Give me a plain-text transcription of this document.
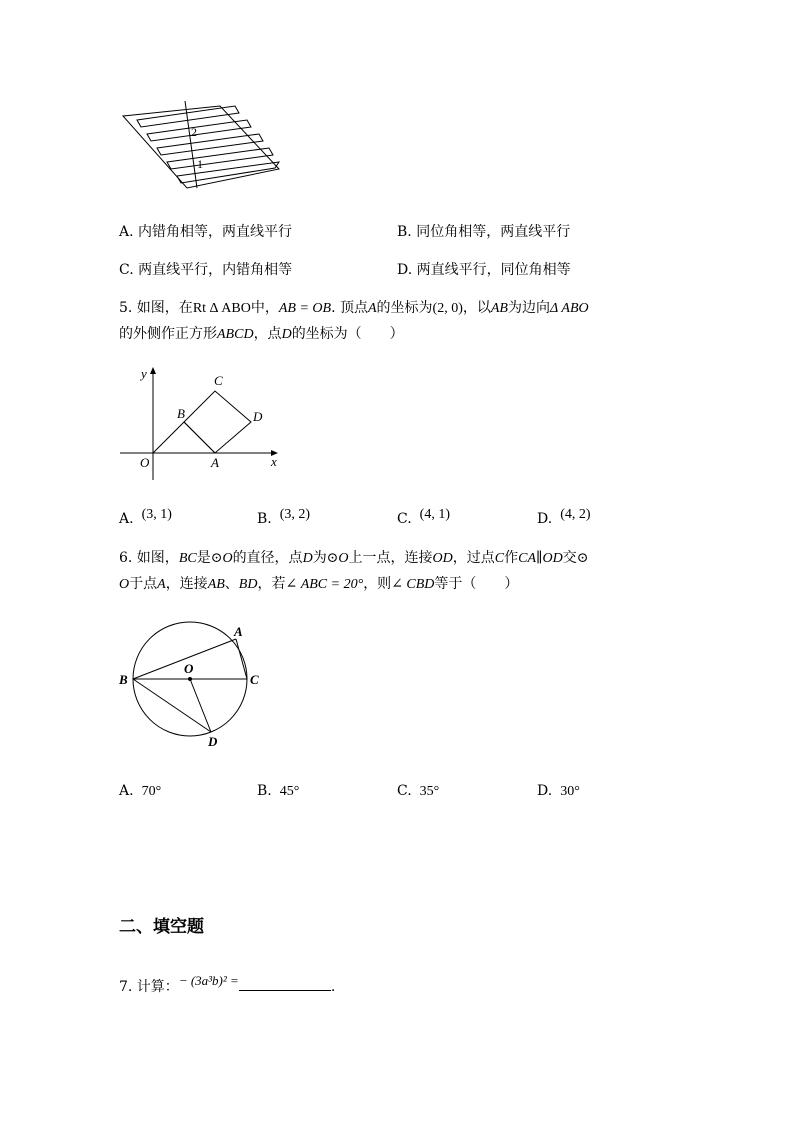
2
1
A. 内错角相等，两直线平行	B. 同位角相等，两直线平行
C. 两直线平行，内错角相等	D. 两直线平行，同位角相等
5. 如图，在Rt Δ ABO中，AB = OB. 顶点A的坐标为(2, 0)，以AB为边向Δ ABO
的外侧作正方形ABCD，点D的坐标为（　　）
y
x
O	A
B
C
D
A. (3, 1)	B. (3, 2)	C. (4, 1)	D. (4, 2)
6. 如图，BC是⊙O的直径，点D为⊙O上一点，连接OD，过点C作CA∥OD交⊙
O于点A，连接AB、BD，若∠ ABC = 20°，则∠ CBD等于（　　）
A
B	C
D
O
A. 70°	B. 45°	C. 35°	D. 30°
二、填空题
7. 计算：− (3a³b)² =	.
